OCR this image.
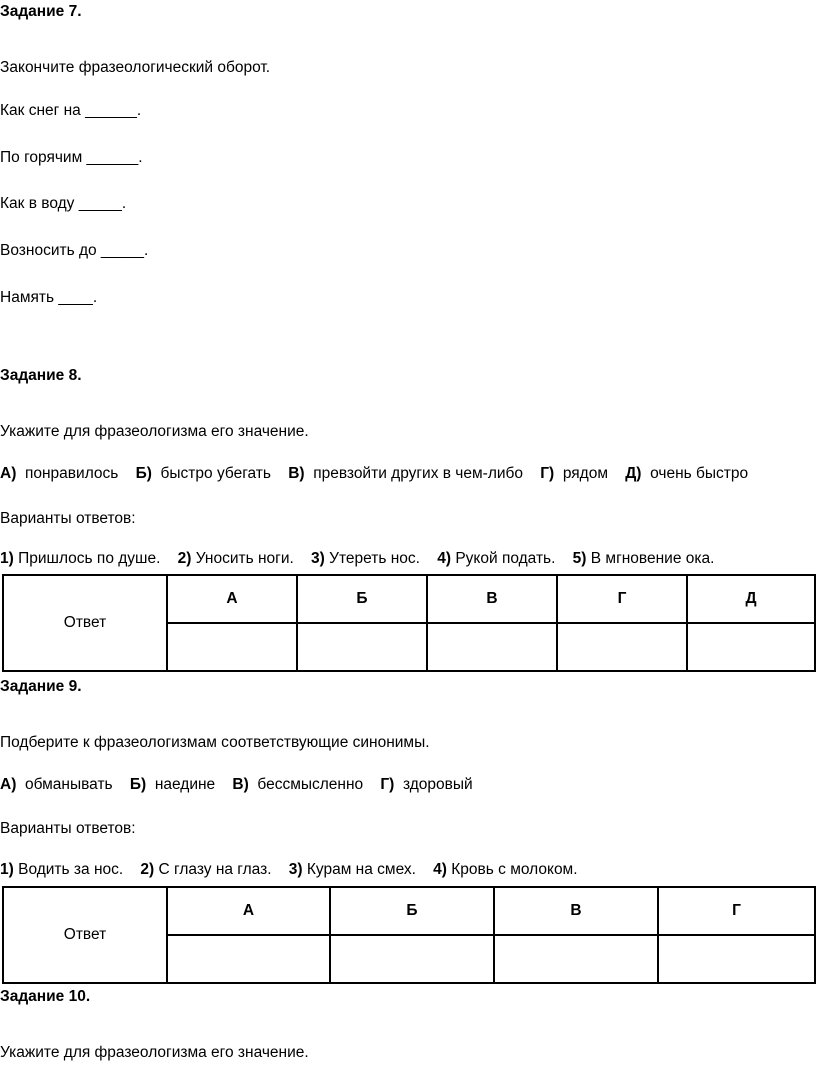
Задание 7.
Закончите фразеологический оборот.
Как снег на ______.
По горячим ______.
Как в воду _____.
Возносить до _____.
Намять ____.
Задание 8.
Укажите для фразеологизма его значение.
А) понравилось Б) быстро убегать В) превзойти других в чем-либо Г) рядом Д) очень быстро
Варианты ответов:
1) Пришлось по душе. 2) Уносить ноги. 3) Утереть нос. 4) Рукой подать. 5) В мгновение ока.
Ответ	А	Б	В	Г	Д

Задание 9.
Подберите к фразеологизмам соответствующие синонимы.
А) обманывать Б) наедине В) бессмысленно Г) здоровый
Варианты ответов:
1) Водить за нос. 2) С глазу на глаз. 3) Курам на смех. 4) Кровь с молоком.
Ответ	А	Б	В	Г

Задание 10.
Укажите для фразеологизма его значение.
